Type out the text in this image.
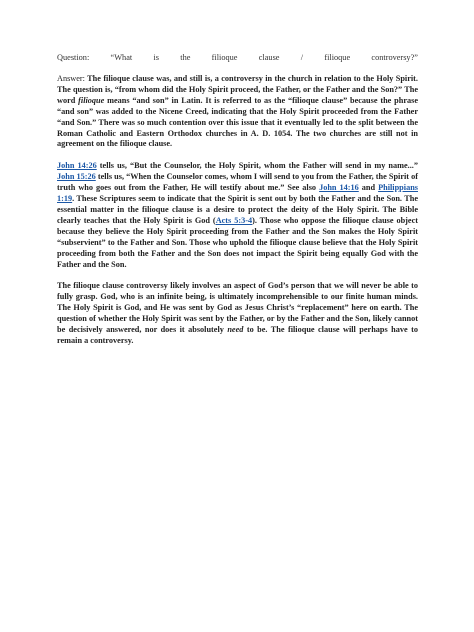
Question:	“What	is	the	filioque	clause	/	filioque	controversy?”

Answer: The filioque clause was, and still is, a controversy in the church in relation to the Holy Spirit. The question is, “from whom did the Holy Spirit proceed, the Father, or the Father and the Son?” The word filioque means “and son” in Latin. It is referred to as the “filioque clause” because the phrase “and son” was added to the Nicene Creed, indicating that the Holy Spirit proceeded from the Father “and Son.” There was so much contention over this issue that it eventually led to the split between the Roman Catholic and Eastern Orthodox churches in A. D. 1054. The two churches are still not in agreement on the filioque clause.

John 14:26 tells us, “But the Counselor, the Holy Spirit, whom the Father will send in my name...” John 15:26 tells us, “When the Counselor comes, whom I will send to you from the Father, the Spirit of truth who goes out from the Father, He will testify about me.” See also John 14:16 and Philippians 1:19. These Scriptures seem to indicate that the Spirit is sent out by both the Father and the Son. The essential matter in the filioque clause is a desire to protect the deity of the Holy Spirit. The Bible clearly teaches that the Holy Spirit is God (Acts 5:3-4). Those who oppose the filioque clause object because they believe the Holy Spirit proceeding from the Father and the Son makes the Holy Spirit “subservient” to the Father and Son. Those who uphold the filioque clause believe that the Holy Spirit proceeding from both the Father and the Son does not impact the Spirit being equally God with the Father and the Son.

The filioque clause controversy likely involves an aspect of God’s person that we will never be able to fully grasp. God, who is an infinite being, is ultimately incomprehensible to our finite human minds. The Holy Spirit is God, and He was sent by God as Jesus Christ’s “replacement” here on earth. The question of whether the Holy Spirit was sent by the Father, or by the Father and the Son, likely cannot be decisively answered, nor does it absolutely need to be. The filioque clause will perhaps have to remain a controversy.
